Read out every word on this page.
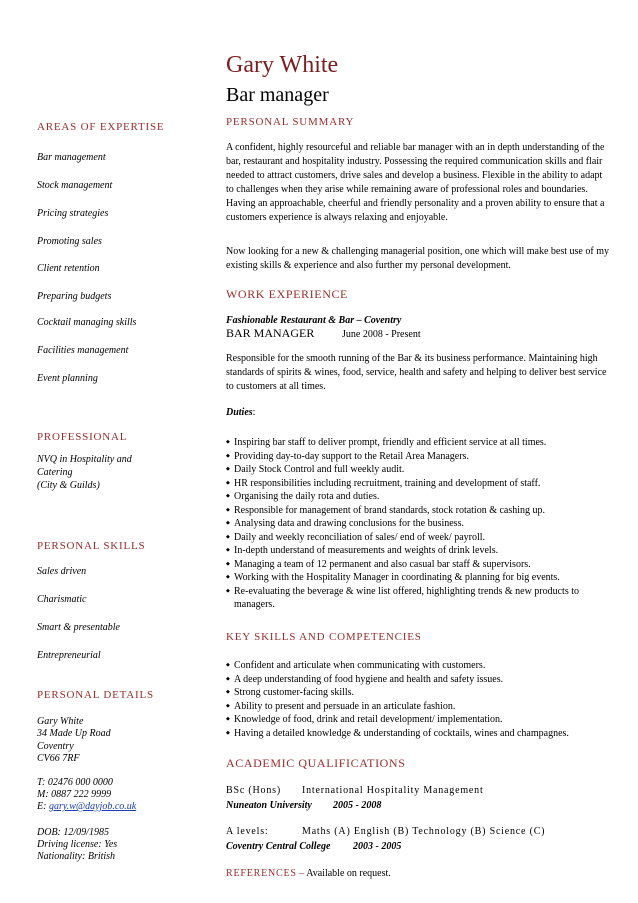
Gary White
Bar manager
AREAS OF EXPERTISE
Bar management
Stock management
Pricing strategies
Promoting sales
Client retention
Preparing budgets
Cocktail managing skills
Facilities management
Event planning
PROFESSIONAL
NVQ in Hospitality and
Catering
(City & Guilds)
PERSONAL SKILLS
Sales driven
Charismatic
Smart & presentable
Entrepreneurial
PERSONAL DETAILS
Gary White
34 Made Up Road
Coventry
CV66 7RF
T: 02476 000 0000
M: 0887 222 9999
E: gary.w@dayjob.co.uk
DOB: 12/09/1985
Driving license: Yes
Nationality: British
PERSONAL SUMMARY
A confident, highly resourceful and reliable bar manager with an in depth understanding of the bar, restaurant and hospitality industry. Possessing the required communication skills and flair needed to attract customers, drive sales and develop a business. Flexible in the ability to adapt to challenges when they arise while remaining aware of professional roles and boundaries. Having an approachable, cheerful and friendly personality and a proven ability to ensure that a customers experience is always relaxing and enjoyable.
Now looking for a new & challenging managerial position, one which will make best use of my existing skills & experience and also further my personal development.
WORK EXPERIENCE
Fashionable Restaurant & Bar – Coventry
BAR MANAGER	June 2008 - Present
Responsible for the smooth running of the Bar & its business performance. Maintaining high standards of spirits & wines, food, service, health and safety and helping to deliver best service to customers at all times.
Duties:
◆ Inspiring bar staff to deliver prompt, friendly and efficient service at all times.
◆ Providing day-to-day support to the Retail Area Managers.
◆ Daily Stock Control and full weekly audit.
◆ HR responsibilities including recruitment, training and development of staff.
◆ Organising the daily rota and duties.
◆ Responsible for management of brand standards, stock rotation & cashing up.
◆ Analysing data and drawing conclusions for the business.
◆ Daily and weekly reconciliation of sales/ end of week/ payroll.
◆ In-depth understand of measurements and weights of drink levels.
◆ Managing a team of 12 permanent and also casual bar staff & supervisors.
◆ Working with the Hospitality Manager in coordinating & planning for big events.
◆ Re-evaluating the beverage & wine list offered, highlighting trends & new products to managers.
KEY SKILLS AND COMPETENCIES
◆ Confident and articulate when communicating with customers.
◆ A deep understanding of food hygiene and health and safety issues.
◆ Strong customer-facing skills.
◆ Ability to present and persuade in an articulate fashion.
◆ Knowledge of food, drink and retail development/ implementation.
◆ Having a detailed knowledge & understanding of cocktails, wines and champagnes.
ACADEMIC QUALIFICATIONS
BSc (Hons) International Hospitality Management
Nuneaton University 2005 - 2008
A levels:	Maths (A) English (B) Technology (B) Science (C)
Coventry Central College 2003 - 2005
REFERENCES – Available on request.
